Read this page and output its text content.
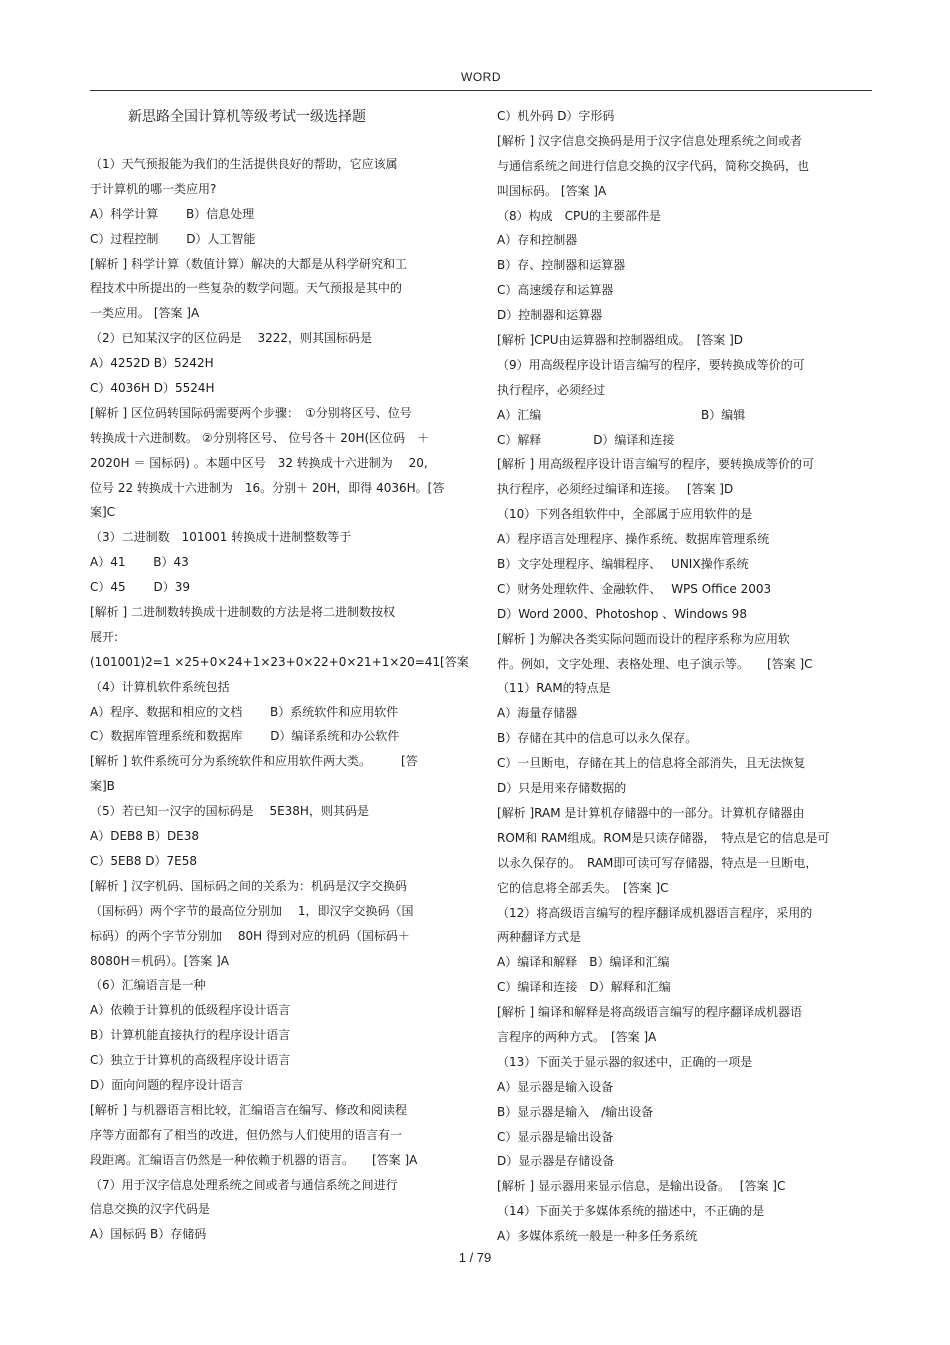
WORD
新思路全国计算机等级考试一级选择题
（1）天气预报能为我们的生活提供良好的帮助，它应该属
于计算机的哪一类应用?
A）科学计算　　 B）信息处理
C）过程控制　　 D）人工智能
[解析 ] 科学计算（数值计算）解决的大都是从科学研究和工
程技术中所提出的一些复杂的数学问题。天气预报是其中的
一类应用。 [答案 ]A
（2）已知某汉字的区位码是　 3222，则其国标码是
A）4252D B）5242H
C）4036H D）5524H
[解析 ] 区位码转国际码需要两个步骤：　①分别将区号、位号
转换成十六进制数。 ②分别将区号、 位号各＋ 20H(区位码　＋
2020H ＝ 国标码) 。本题中区号　32 转换成十六进制为　 20,
位号 22 转换成十六进制为　16。分别＋ 20H，即得 4036H。[答
案]C
（3）二进制数　101001 转换成十进制整数等于
A）41　　 B）43
C）45　　 D）39
[解析 ] 二进制数转换成十进制数的方法是将二进制数按权
展开:
(101001)2=1 ×25+0×24+1×23+0×22+0×21+1×20=41[答案
（4）计算机软件系统包括
A）程序、数据和相应的文档　　 B）系统软件和应用软件
C）数据库管理系统和数据库　　 D）编译系统和办公软件
[解析 ] 软件系统可分为系统软件和应用软件两大类。　　　[答
案]B
（5）若已知一汉字的国标码是　 5E38H，则其码是
A）DEB8 B）DE38
C）5EB8 D）7E58
[解析 ] 汉字机码、国标码之间的关系为：机码是汉字交换码
（国标码）两个字节的最高位分别加　 1，即汉字交换码（国
标码）的两个字节分别加　 80H 得到对应的机码（国标码＋
8080H＝机码）。[答案 ]A
（6）汇编语言是一种
A）依赖于计算机的低级程序设计语言
B）计算机能直接执行的程序设计语言
C）独立于计算机的高级程序设计语言
D）面向问题的程序设计语言
[解析 ] 与机器语言相比较，汇编语言在编写、修改和阅读程
序等方面都有了相当的改进，但仍然与人们使用的语言有一
段距离。汇编语言仍然是一种依赖于机器的语言。　　[答案 ]A
（7）用于汉字信息处理系统之间或者与通信系统之间进行
信息交换的汉字代码是
A）国标码 B）存储码
C）机外码 D）字形码
[解析 ] 汉字信息交换码是用于汉字信息处理系统之间或者
与通信系统之间进行信息交换的汉字代码，简称交换码，也
叫国标码。 [答案 ]A
（8）构成　CPU的主要部件是
A）存和控制器
B）存、控制器和运算器
C）高速缓存和运算器
D）控制器和运算器
[解析 ]CPU由运算器和控制器组成。　[答案 ]D
（9）用高级程序设计语言编写的程序，要转换成等价的可
执行程序，必须经过
A）汇编　　　　　　　　　　　　　 B）编辑
C）解释　　　　 D）编译和连接
[解析 ] 用高级程序设计语言编写的程序，要转换成等价的可
执行程序，必须经过编译和连接。　 [答案 ]D
（10）下列各组软件中，全部属于应用软件的是
A）程序语言处理程序、操作系统、数据库管理系统
B）文字处理程序、编辑程序、　 UNIX操作系统
C）财务处理软件、金融软件、　 WPS Office 2003
D）Word 2000、Photoshop 、Windows 98
[解析 ] 为解决各类实际问题而设计的程序系称为应用软
件。例如，文字处理、表格处理、电子演示等。　　[答案 ]C
（11）RAM的特点是
A）海量存储器
B）存储在其中的信息可以永久保存。
C）一旦断电，存储在其上的信息将全部消失，且无法恢复
D）只是用来存储数据的
[解析 ]RAM 是计算机存储器中的一部分。计算机存储器由
ROM和 RAM组成。ROM是只读存储器，　特点是它的信息是可
以永久保存的。　RAM即可读可写存储器，特点是一旦断电，
它的信息将全部丢失。　[答案 ]C
（12）将高级语言编写的程序翻译成机器语言程序，采用的
两种翻译方式是
A）编译和解释　B）编译和汇编
C）编译和连接　D）解释和汇编
[解析 ] 编译和解释是将高级语言编写的程序翻译成机器语
言程序的两种方式。　[答案 ]A
（13）下面关于显示器的叙述中，正确的一项是
A）显示器是输入设备
B）显示器是输入　/输出设备
C）显示器是输出设备
D）显示器是存储设备
[解析 ] 显示器用来显示信息，是输出设备。　 [答案 ]C
（14）下面关于多媒体系统的描述中，不正确的是
A）多媒体系统一般是一种多任务系统
1 / 79
